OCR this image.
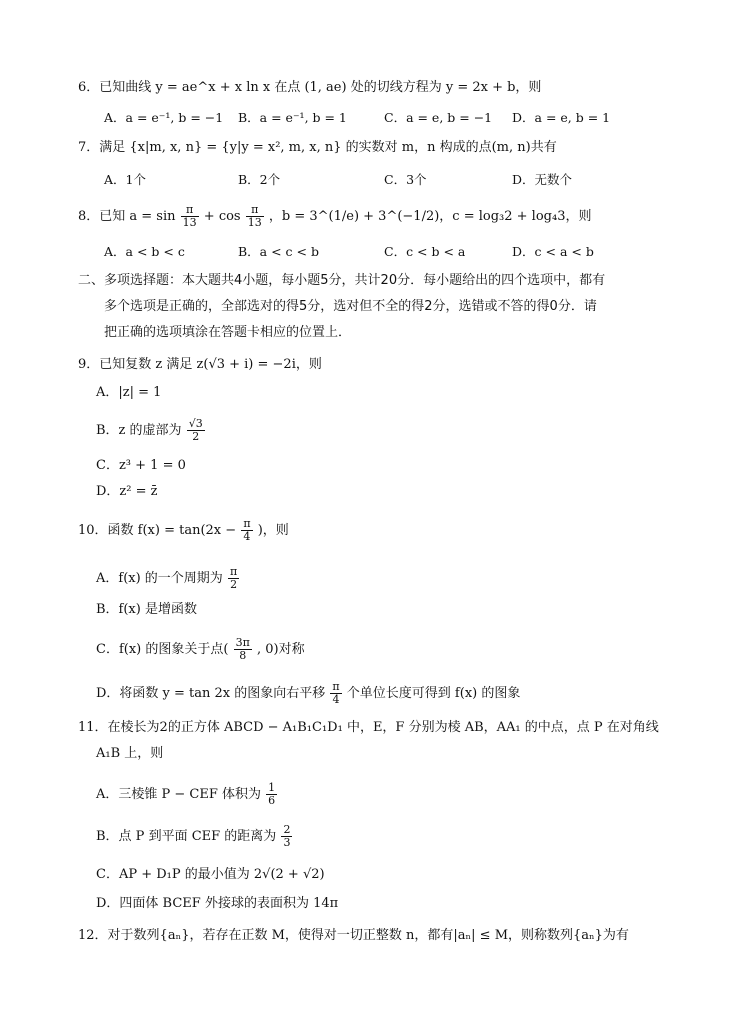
6．已知曲线 y = ae^x + x ln x 在点 (1, ae) 处的切线方程为 y = 2x + b，则
A．a = e⁻¹, b = −1 B．a = e⁻¹, b = 1	C．a = e, b = −1 D．a = e, b = 1
7．满足 {x|m, x, n} = {y|y = x², m, x, n} 的实数对 m，n 构成的点(m, n)共有
A．1个	B．2个	C．3个	D．无数个
8．已知 $a = \sin \frac{\pi}{13} + \cos \frac{\pi}{13}$ ，b = 3^(1/e) + 3^(−1/2)，c = log₃2 + log₄3，则
A．a < b < c	B．a < c < b	C．c < b < a	D．c < a < b
二、多项选择题：本大题共4小题，每小题5分，共计20分．每小题给出的四个选项中，都有
多个选项是正确的，全部选对的得5分，选对但不全的得2分，选错或不答的得0分．请
把正确的选项填涂在答题卡相应的位置上．
9．已知复数 z 满足 z(√3 + i) = −2i，则
A．|z| = 1
B．z 的虚部为 $\frac{√3}{2}$
C．z³ + 1 = 0
D．z² = z̄
10．函数 $f(x) = \tan(2x - \frac{\pi}{4}$ )，则
A．f(x) 的一个周期为 $\frac{\pi}{2}$
B．f(x) 是增函数
C．f(x) 的图象关于点( $\frac{3\pi}{8}$ , 0)对称
D．将函数 y = tan 2x 的图象向右平移 $\frac{\pi}{4}$ 个单位长度可得到 f(x) 的图象
11．在棱长为2的正方体 ABCD − A₁B₁C₁D₁ 中，E，F 分别为棱 AB，AA₁ 的中点，点 P 在对角线
A₁B 上，则
A．三棱锥 P − CEF 体积为 $\frac{1}{6}$
B．点 P 到平面 CEF 的距离为 $\frac{2}{3}$
C．AP + D₁P 的最小值为 2√(2 + √2)
D．四面体 BCEF 外接球的表面积为 14π
12．对于数列{aₙ}，若存在正数 M，使得对一切正整数 n，都有|aₙ| ≤ M，则称数列{aₙ}为有
